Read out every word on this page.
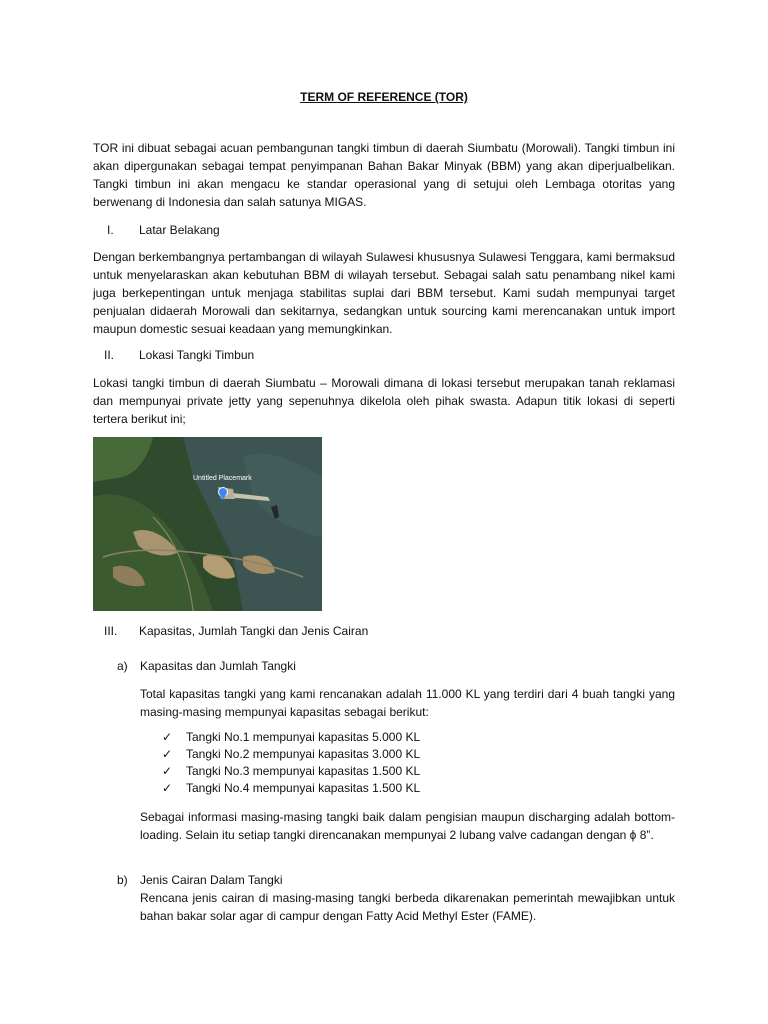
TERM OF REFERENCE (TOR)

TOR ini dibuat sebagai acuan pembangunan tangki timbun di daerah Siumbatu (Morowali). Tangki timbun ini akan dipergunakan sebagai tempat penyimpanan Bahan Bakar Minyak (BBM) yang akan diperjualbelikan. Tangki timbun ini akan mengacu ke standar operasional yang di setujui oleh Lembaga otoritas yang berwenang di Indonesia dan salah satunya MIGAS.

I. Latar Belakang

Dengan berkembangnya pertambangan di wilayah Sulawesi khususnya Sulawesi Tenggara, kami bermaksud untuk menyelaraskan akan kebutuhan BBM di wilayah tersebut. Sebagai salah satu penambang nikel kami juga berkepentingan untuk menjaga stabilitas suplai dari BBM tersebut. Kami sudah mempunyai target penjualan didaerah Morowali dan sekitarnya, sedangkan untuk sourcing kami merencanakan untuk import maupun domestic sesuai keadaan yang memungkinkan.

II. Lokasi Tangki Timbun

Lokasi tangki timbun di daerah Siumbatu – Morowali dimana di lokasi tersebut merupakan tanah reklamasi dan mempunyai private jetty yang sepenuhnya dikelola oleh pihak swasta. Adapun titik lokasi di seperti tertera berikut ini;

Untitled Placemark
III. Kapasitas, Jumlah Tangki dan Jenis Cairan
a) Kapasitas dan Jumlah Tangki

Total kapasitas tangki yang kami rencanakan adalah 11.000 KL yang terdiri dari 4 buah tangki yang masing-masing mempunyai kapasitas sebagai berikut:

✓ Tangki No.1 mempunyai kapasitas 5.000 KL
✓ Tangki No.2 mempunyai kapasitas 3.000 KL
✓ Tangki No.3 mempunyai kapasitas 1.500 KL
✓ Tangki No.4 mempunyai kapasitas 1.500 KL

Sebagai informasi masing-masing tangki baik dalam pengisian maupun discharging adalah bottom-loading. Selain itu setiap tangki direncanakan mempunyai 2 lubang valve cadangan dengan ϕ 8”.

b) Jenis Cairan Dalam Tangki

Rencana jenis cairan di masing-masing tangki berbeda dikarenakan pemerintah mewajibkan untuk bahan bakar solar agar di campur dengan Fatty Acid Methyl Ester (FAME).
